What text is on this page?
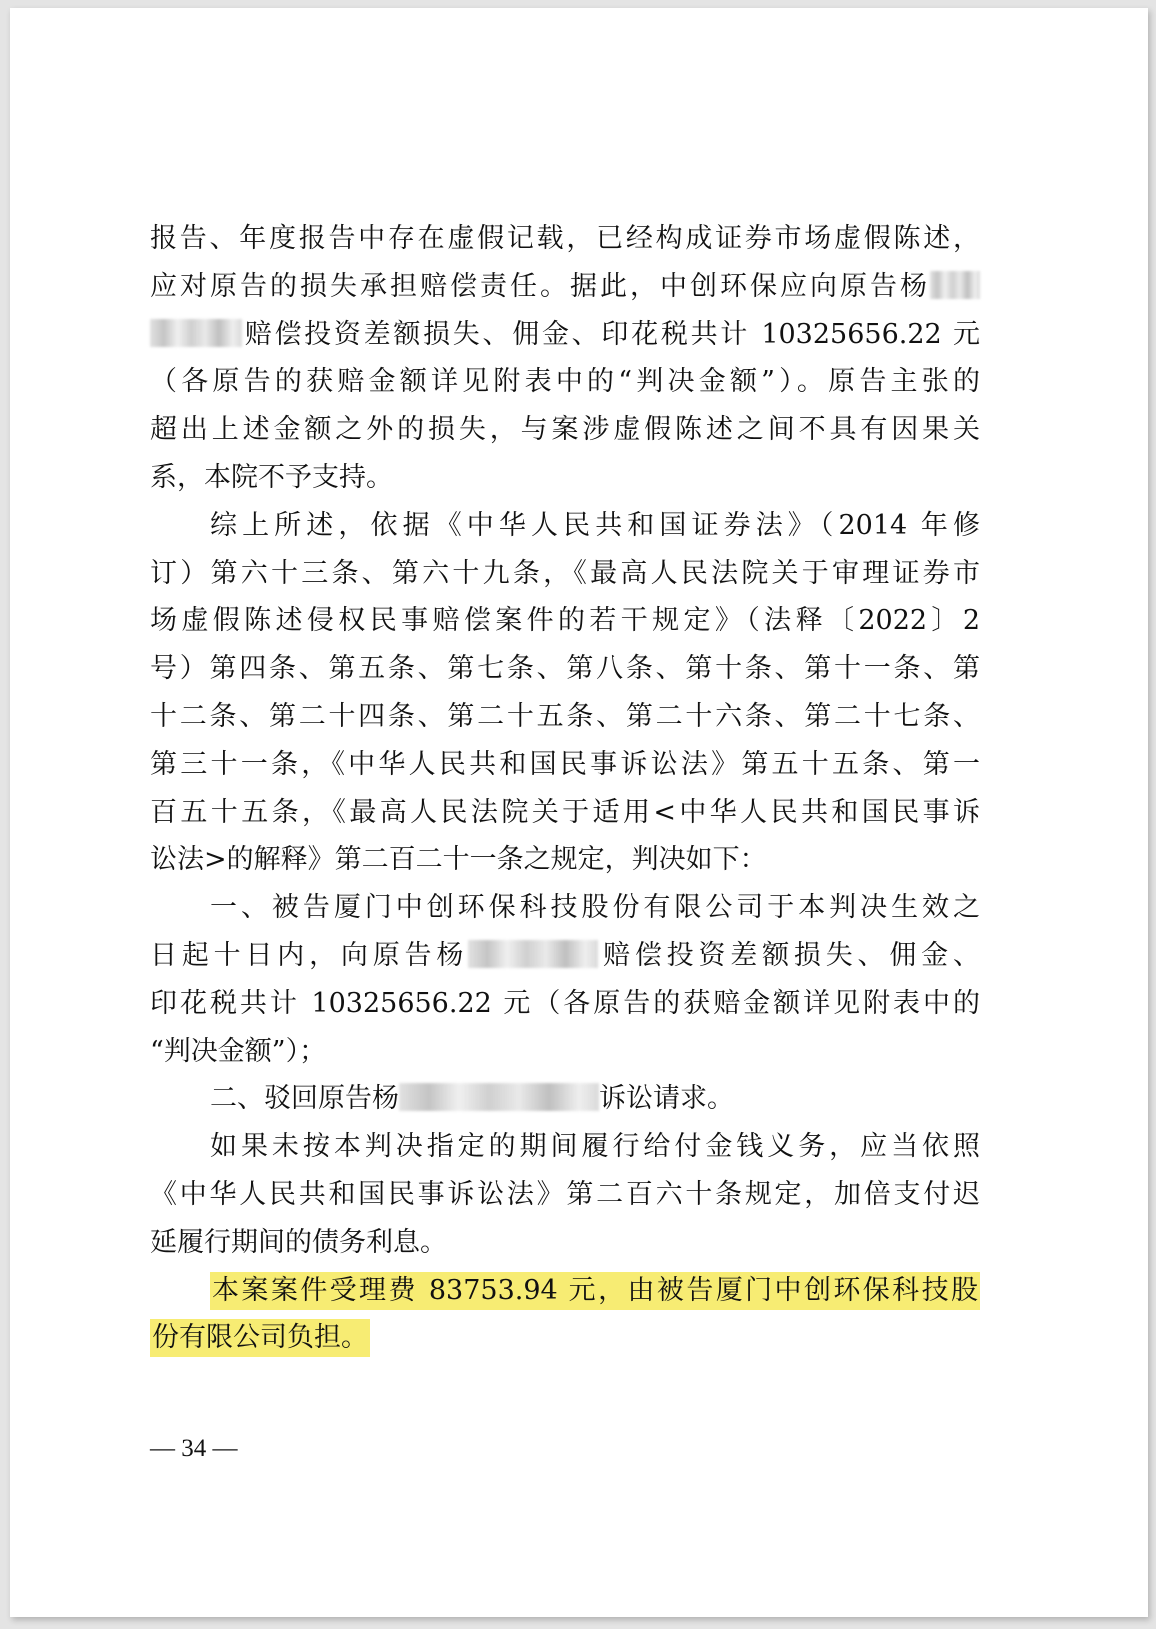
报告、年度报告中存在虚假记载，已经构成证券市场虚假陈述，
应对原告的损失承担赔偿责任。据此，中创环保应向原告杨
赔偿投资差额损失、佣金、印花税共计 10325656.22 元
（各原告的获赔金额详见附表中的“判决金额”）。原告主张的
超出上述金额之外的损失，与案涉虚假陈述之间不具有因果关
系，本院不予支持。
综上所述，依据《中华人民共和国证券法》（2014 年修
订）第六十三条、第六十九条，《最高人民法院关于审理证券市
场虚假陈述侵权民事赔偿案件的若干规定》（法释〔2022〕2
号）第四条、第五条、第七条、第八条、第十条、第十一条、第
十二条、第二十四条、第二十五条、第二十六条、第二十七条、
第三十一条，《中华人民共和国民事诉讼法》第五十五条、第一
百五十五条，《最高人民法院关于适用<中华人民共和国民事诉
讼法>的解释》第二百二十一条之规定，判决如下：
一、被告厦门中创环保科技股份有限公司于本判决生效之
日起十日内，向原告杨	赔偿投资差额损失、佣金、
印花税共计 10325656.22 元（各原告的获赔金额详见附表中的
“判决金额”）；
二、驳回原告杨	诉讼请求。
如果未按本判决指定的期间履行给付金钱义务，应当依照
《中华人民共和国民事诉讼法》第二百六十条规定，加倍支付迟
延履行期间的债务利息。
本案案件受理费 83753.94 元，由被告厦门中创环保科技股
份有限公司负担。
— 34 —
